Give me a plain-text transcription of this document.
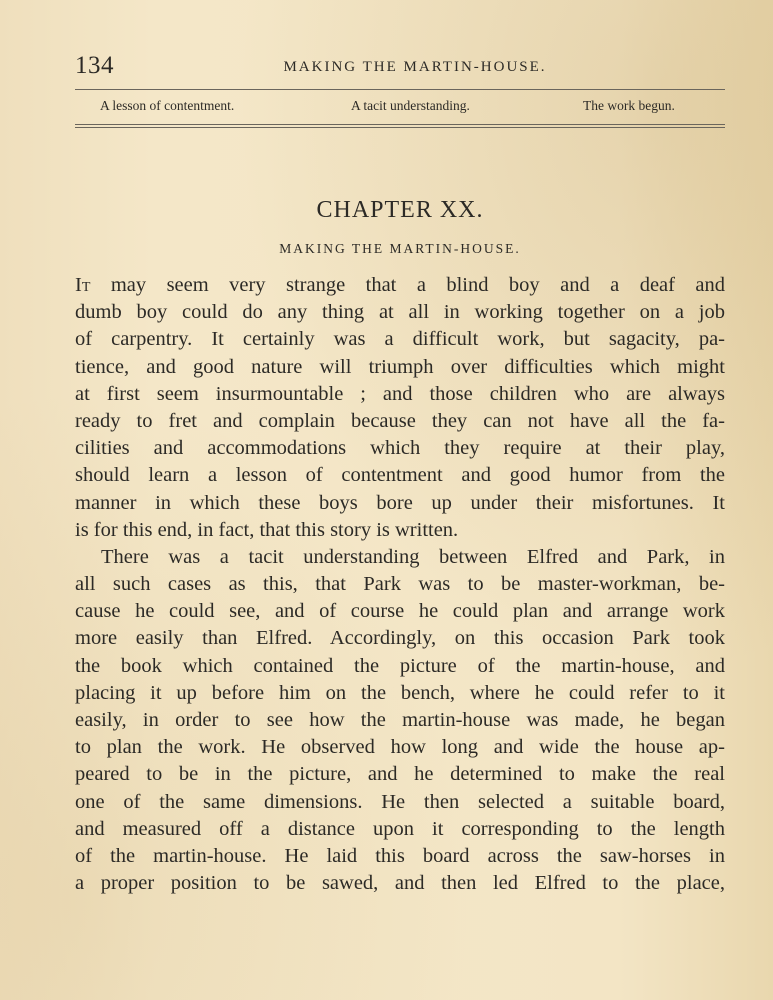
134	MAKING THE MARTIN-HOUSE.
A lesson of contentment.	A tacit understanding.	The work begun.
CHAPTER XX.
MAKING THE MARTIN-HOUSE.
It may seem very strange that a blind boy and a deaf and
dumb boy could do any thing at all in working together on a job
of carpentry. It certainly was a difficult work, but sagacity, pa-
tience, and good nature will triumph over difficulties which might
at first seem insurmountable ; and those children who are always
ready to fret and complain because they can not have all the fa-
cilities and accommodations which they require at their play,
should learn a lesson of contentment and good humor from the
manner in which these boys bore up under their misfortunes. It
is for this end, in fact, that this story is written.
There was a tacit understanding between Elfred and Park, in
all such cases as this, that Park was to be master-workman, be-
cause he could see, and of course he could plan and arrange work
more easily than Elfred. Accordingly, on this occasion Park took
the book which contained the picture of the martin-house, and
placing it up before him on the bench, where he could refer to it
easily, in order to see how the martin-house was made, he began
to plan the work. He observed how long and wide the house ap-
peared to be in the picture, and he determined to make the real
one of the same dimensions. He then selected a suitable board,
and measured off a distance upon it corresponding to the length
of the martin-house. He laid this board across the saw-horses in
a proper position to be sawed, and then led Elfred to the place,
